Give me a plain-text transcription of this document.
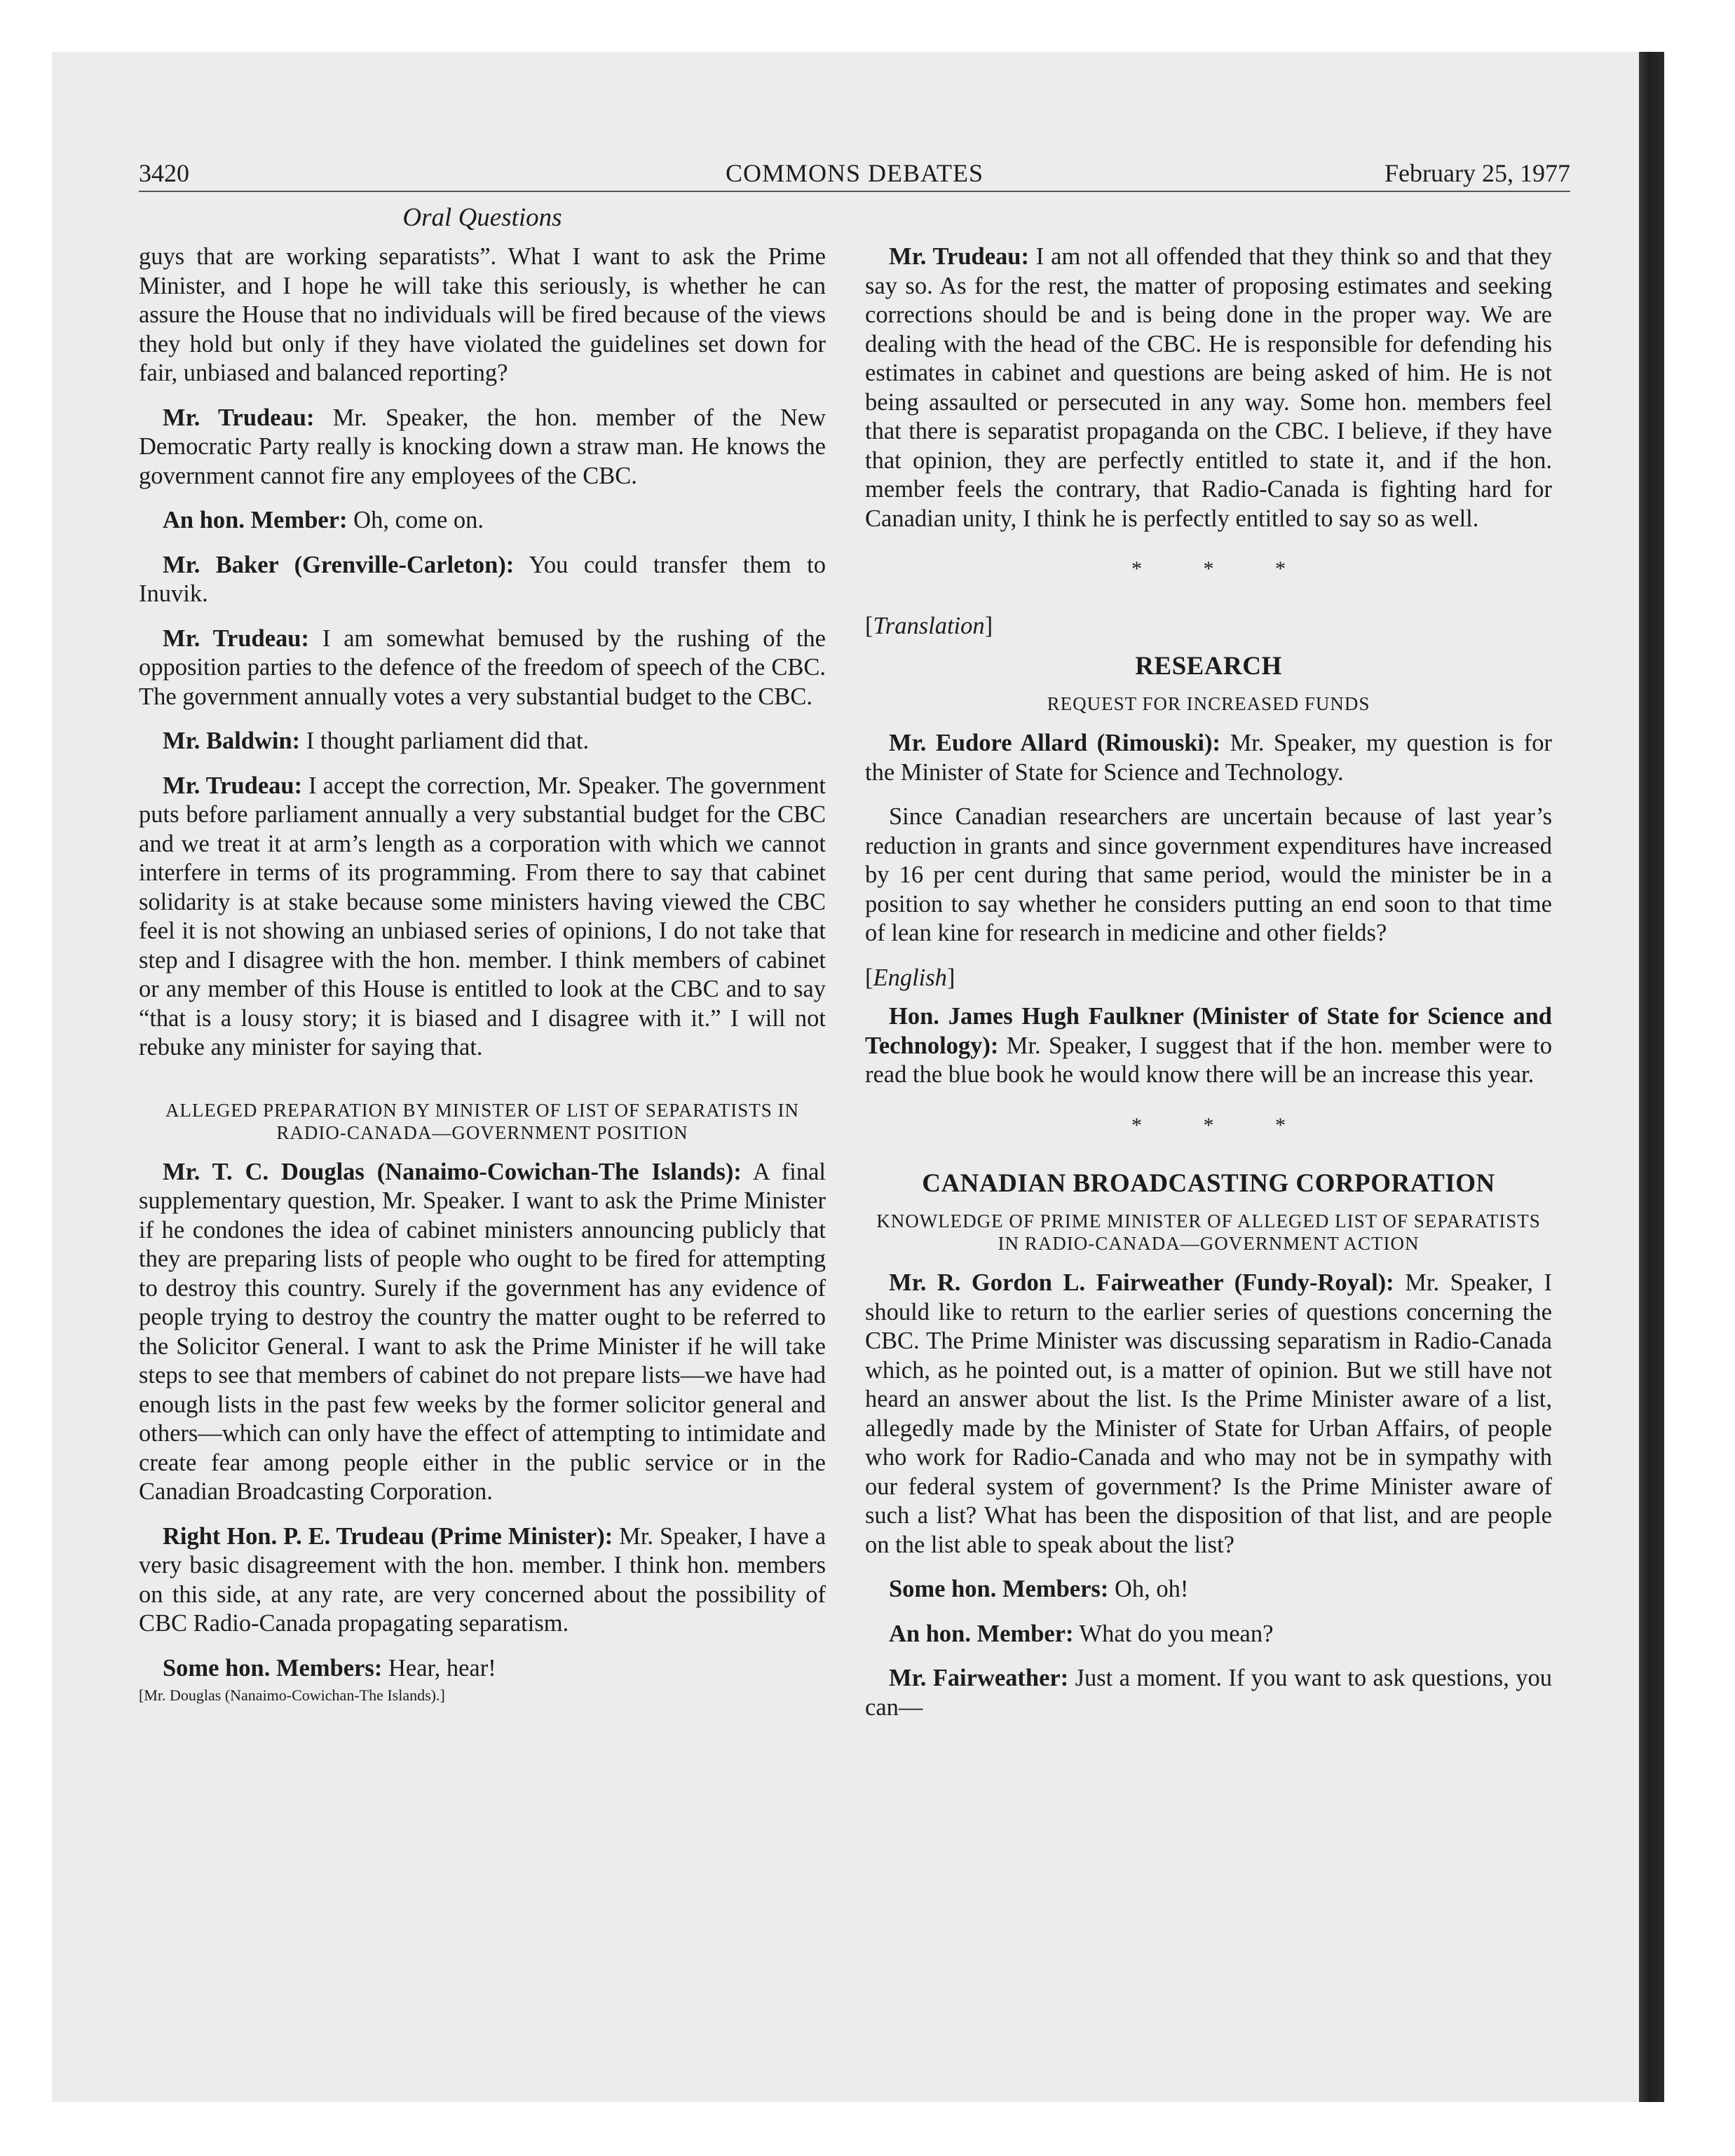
COMMONS DEBATES
3420	February 25, 1977
Oral Questions

guys that are working separatists”. What I want to ask the Prime Minister, and I hope he will take this seriously, is whether he can assure the House that no individuals will be fired because of the views they hold but only if they have violated the guidelines set down for fair, unbiased and balanced reporting?

Mr. Trudeau: Mr. Speaker, the hon. member of the New Democratic Party really is knocking down a straw man. He knows the government cannot fire any employees of the CBC.

An hon. Member: Oh, come on.

Mr. Baker (Grenville-Carleton): You could transfer them to Inuvik.

Mr. Trudeau: I am somewhat bemused by the rushing of the opposition parties to the defence of the freedom of speech of the CBC. The government annually votes a very substantial budget to the CBC.

Mr. Baldwin: I thought parliament did that.

Mr. Trudeau: I accept the correction, Mr. Speaker. The government puts before parliament annually a very substantial budget for the CBC and we treat it at arm’s length as a corporation with which we cannot interfere in terms of its programming. From there to say that cabinet solidarity is at stake because some ministers having viewed the CBC feel it is not showing an unbiased series of opinions, I do not take that step and I disagree with the hon. member. I think members of cabinet or any member of this House is entitled to look at the CBC and to say “that is a lousy story; it is biased and I disagree with it.” I will not rebuke any minister for saying that.

ALLEGED PREPARATION BY MINISTER OF LIST OF SEPARATISTS IN RADIO-CANADA—GOVERNMENT POSITION

Mr. T. C. Douglas (Nanaimo-Cowichan-The Islands): A final supplementary question, Mr. Speaker. I want to ask the Prime Minister if he condones the idea of cabinet ministers announcing publicly that they are preparing lists of people who ought to be fired for attempting to destroy this country. Surely if the government has any evidence of people trying to destroy the country the matter ought to be referred to the Solicitor General. I want to ask the Prime Minister if he will take steps to see that members of cabinet do not prepare lists—we have had enough lists in the past few weeks by the former solicitor general and others—which can only have the effect of attempting to intimidate and create fear among people either in the public service or in the Canadian Broadcasting Corporation.

Right Hon. P. E. Trudeau (Prime Minister): Mr. Speaker, I have a very basic disagreement with the hon. member. I think hon. members on this side, at any rate, are very concerned about the possibility of CBC Radio-Canada propagating separatism.

Some hon. Members: Hear, hear!

[Mr. Douglas (Nanaimo-Cowichan-The Islands).]

Mr. Trudeau: I am not all offended that they think so and that they say so. As for the rest, the matter of proposing estimates and seeking corrections should be and is being done in the proper way. We are dealing with the head of the CBC. He is responsible for defending his estimates in cabinet and questions are being asked of him. He is not being assaulted or persecuted in any way. Some hon. members feel that there is separatist propaganda on the CBC. I believe, if they have that opinion, they are perfectly entitled to state it, and if the hon. member feels the contrary, that Radio-Canada is fighting hard for Canadian unity, I think he is perfectly entitled to say so as well.

* * *
[Translation]
RESEARCH
REQUEST FOR INCREASED FUNDS

Mr. Eudore Allard (Rimouski): Mr. Speaker, my question is for the Minister of State for Science and Technology.

Since Canadian researchers are uncertain because of last year’s reduction in grants and since government expenditures have increased by 16 per cent during that same period, would the minister be in a position to say whether he considers putting an end soon to that time of lean kine for research in medicine and other fields?

[English]

Hon. James Hugh Faulkner (Minister of State for Science and Technology): Mr. Speaker, I suggest that if the hon. member were to read the blue book he would know there will be an increase this year.

* * *
CANADIAN BROADCASTING CORPORATION
KNOWLEDGE OF PRIME MINISTER OF ALLEGED LIST OF SEPARATISTS IN RADIO-CANADA—GOVERNMENT ACTION

Mr. R. Gordon L. Fairweather (Fundy-Royal): Mr. Speaker, I should like to return to the earlier series of questions concerning the CBC. The Prime Minister was discussing separatism in Radio-Canada which, as he pointed out, is a matter of opinion. But we still have not heard an answer about the list. Is the Prime Minister aware of a list, allegedly made by the Minister of State for Urban Affairs, of people who work for Radio-Canada and who may not be in sympathy with our federal system of government? Is the Prime Minister aware of such a list? What has been the disposition of that list, and are people on the list able to speak about the list?

Some hon. Members: Oh, oh!

An hon. Member: What do you mean?

Mr. Fairweather: Just a moment. If you want to ask questions, you can—
